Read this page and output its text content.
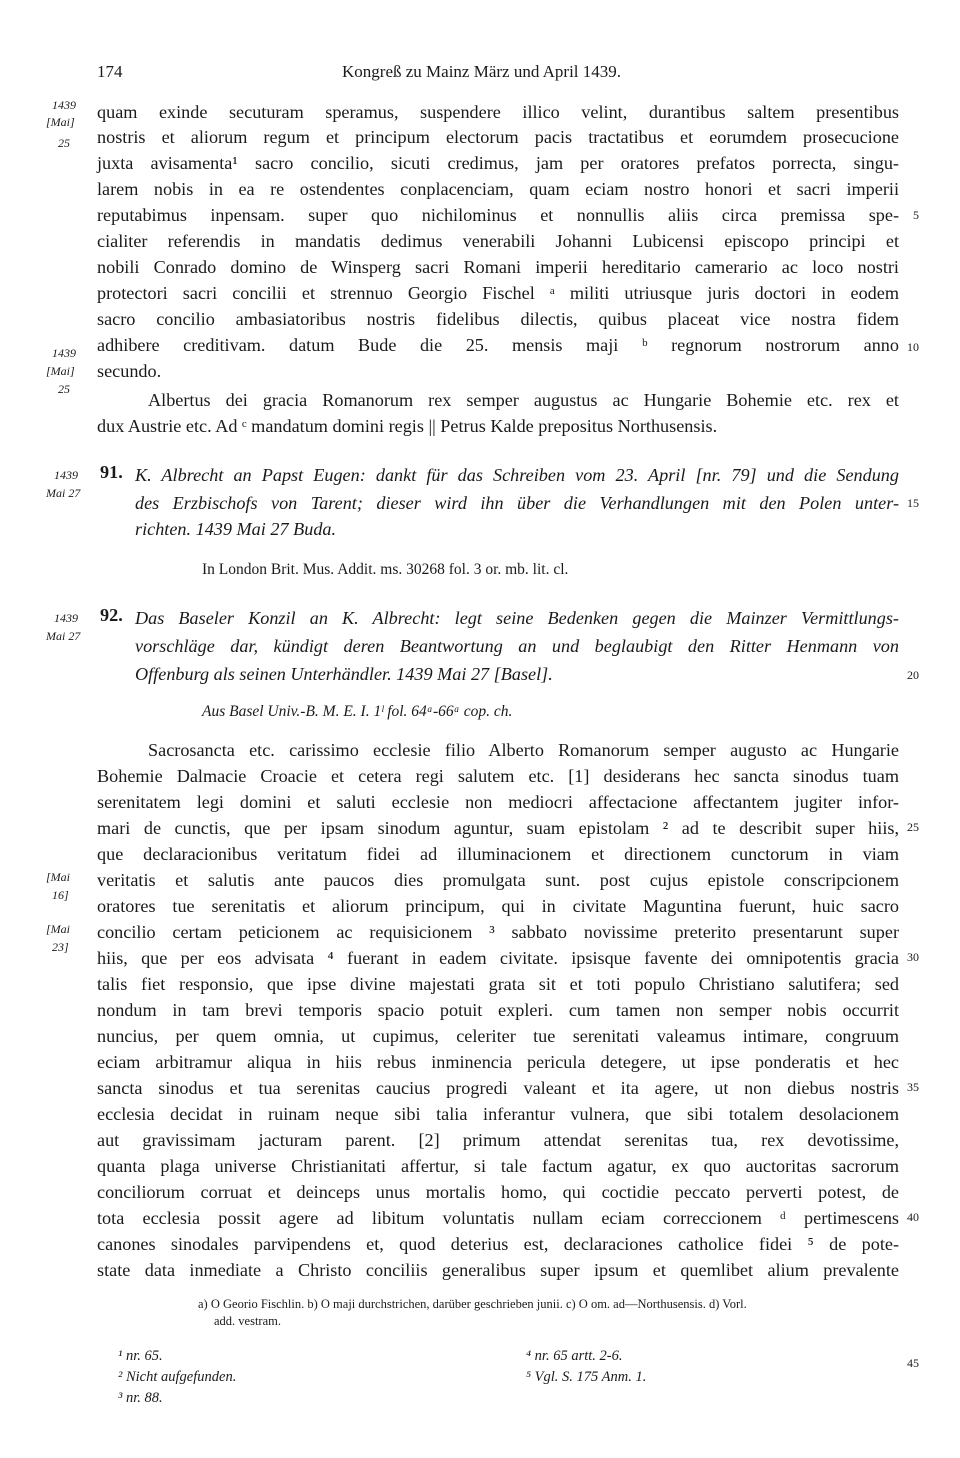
174	Kongreß zu Mainz März und April 1439.
1439
[Mai]
25
1439
[Mai]
25
quam exinde secuturam speramus, suspendere illico velint, durantibus saltem presentibus
nostris et aliorum regum et principum electorum pacis tractatibus et eorumdem prosecucione
juxta avisamenta¹ sacro concilio, sicuti credimus, jam per oratores prefatos porrecta, singu-
larem nobis in ea re ostendentes conplacenciam, quam eciam nostro honori et sacri imperii
reputabimus inpensam. super quo nichilominus et nonnullis aliis circa premissa spe-
cialiter referendis in mandatis dedimus venerabili Johanni Lubicensi episcopo principi et
nobili Conrado domino de Winsperg sacri Romani imperii hereditario camerario ac loco nostri
protectori sacri concilii et strennuo Georgio Fischel ᵃ militi utriusque juris doctori in eodem
sacro concilio ambasiatoribus nostris fidelibus dilectis, quibus placeat vice nostra fidem
adhibere creditivam. datum Bude die 25. mensis maji ᵇ regnorum nostrorum anno
secundo.
Albertus dei gracia Romanorum rex semper augustus ac Hungarie Bohemie etc. rex et
dux Austrie etc. Ad ᶜ mandatum domini regis || Petrus Kalde prepositus Northusensis.
1439
Mai 27
91. K. Albrecht an Papst Eugen: dankt für das Schreiben vom 23. April [nr. 79] und die Sendung
des Erzbischofs von Tarent; dieser wird ihn über die Verhandlungen mit den Polen unter-
richten. 1439 Mai 27 Buda.
In London Brit. Mus. Addit. ms. 30268 fol. 3 or. mb. lit. cl.
1439
Mai 27
92. Das Baseler Konzil an K. Albrecht: legt seine Bedenken gegen die Mainzer Vermittlungs-
vorschläge dar, kündigt deren Beantwortung an und beglaubigt den Ritter Henmann von
Offenburg als seinen Unterhändler. 1439 Mai 27 [Basel].
Aus Basel Univ.-B. M. E. I. 1ˡ fol. 64ᵃ-66ᵃ cop. ch.
[Mai
16]
[Mai
23]
Sacrosancta etc. carissimo ecclesie filio Alberto Romanorum semper augusto ac Hungarie
Bohemie Dalmacie Croacie et cetera regi salutem etc. [1] desiderans hec sancta sinodus tuam
serenitatem legi domini et saluti ecclesie non mediocri affectacione affectantem jugiter infor-
mari de cunctis, que per ipsam sinodum aguntur, suam epistolam ² ad te describit super hiis,
que declaracionibus veritatum fidei ad illuminacionem et directionem cunctorum in viam
veritatis et salutis ante paucos dies promulgata sunt. post cujus epistole conscripcionem
oratores tue serenitatis et aliorum principum, qui in civitate Maguntina fuerunt, huic sacro
concilio certam peticionem ac requisicionem ³ sabbato novissime preterito presentarunt super
hiis, que per eos advisata ⁴ fuerant in eadem civitate. ipsisque favente dei omnipotentis gracia
talis fiet responsio, que ipse divine majestati grata sit et toti populo Christiano salutifera; sed
nondum in tam brevi temporis spacio potuit expleri. cum tamen non semper nobis occurrit
nuncius, per quem omnia, ut cupimus, celeriter tue serenitati valeamus intimare, congruum
eciam arbitramur aliqua in hiis rebus inminencia pericula detegere, ut ipse ponderatis et hec
sancta sinodus et tua serenitas caucius progredi valeant et ita agere, ut non diebus nostris
ecclesia decidat in ruinam neque sibi talia inferantur vulnera, que sibi totalem desolacionem
aut gravissimam jacturam parent. [2] primum attendat serenitas tua, rex devotissime,
quanta plaga universe Christianitati affertur, si tale factum agatur, ex quo auctoritas sacrorum
conciliorum corruat et deinceps unus mortalis homo, qui coctidie peccato perverti potest, de
tota ecclesia possit agere ad libitum voluntatis nullam eciam correccionem ᵈ pertimescens
canones sinodales parvipendens et, quod deterius est, declaraciones catholice fidei ⁵ de pote-
state data inmediate a Christo conciliis generalibus super ipsum et quemlibet alium prevalente
5
10
15
20
25
30
35
40
45
a) O Georio Fischlin. b) O maji durchstrichen, darüber geschrieben junii. c) O om. ad—Northusensis. d) Vorl.
add. vestram.
¹ nr. 65.
² Nicht aufgefunden.
³ nr. 88.
⁴ nr. 65 artt. 2-6.
⁵ Vgl. S. 175 Anm. 1.
